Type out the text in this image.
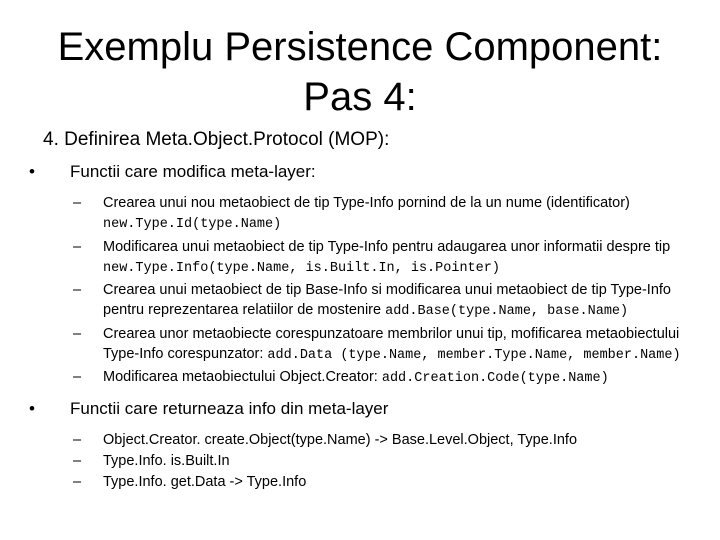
Exemplu Persistence Component:
Pas 4:

4. Definirea Meta.Object.Protocol (MOP):

•	Functii care modifica meta-layer:

– Crearea unui nou metaobiect de tip Type-Info pornind de la un nume (identificator) new.Type.Id(type.Name)

– Modificarea unui metaobiect de tip Type-Info pentru adaugarea unor informatii despre tip new.Type.Info(type.Name, is.Built.In, is.Pointer)

– Crearea unui metaobiect de tip Base-Info si modificarea unui metaobiect de tip Type-Info pentru reprezentarea relatiilor de mostenire add.Base(type.Name, base.Name)

– Crearea unor metaobiecte corespunzatoare membrilor unui tip, mofificarea metaobiectului Type-Info corespunzator: add.Data (type.Name, member.Type.Name, member.Name)

– Modificarea metaobiectului Object.Creator: add.Creation.Code(type.Name)

•	Functii care returneaza info din meta-layer

– Object.Creator. create.Object(type.Name) -> Base.Level.Object, Type.Info

– Type.Info. is.Built.In

– Type.Info. get.Data -> Type.Info
